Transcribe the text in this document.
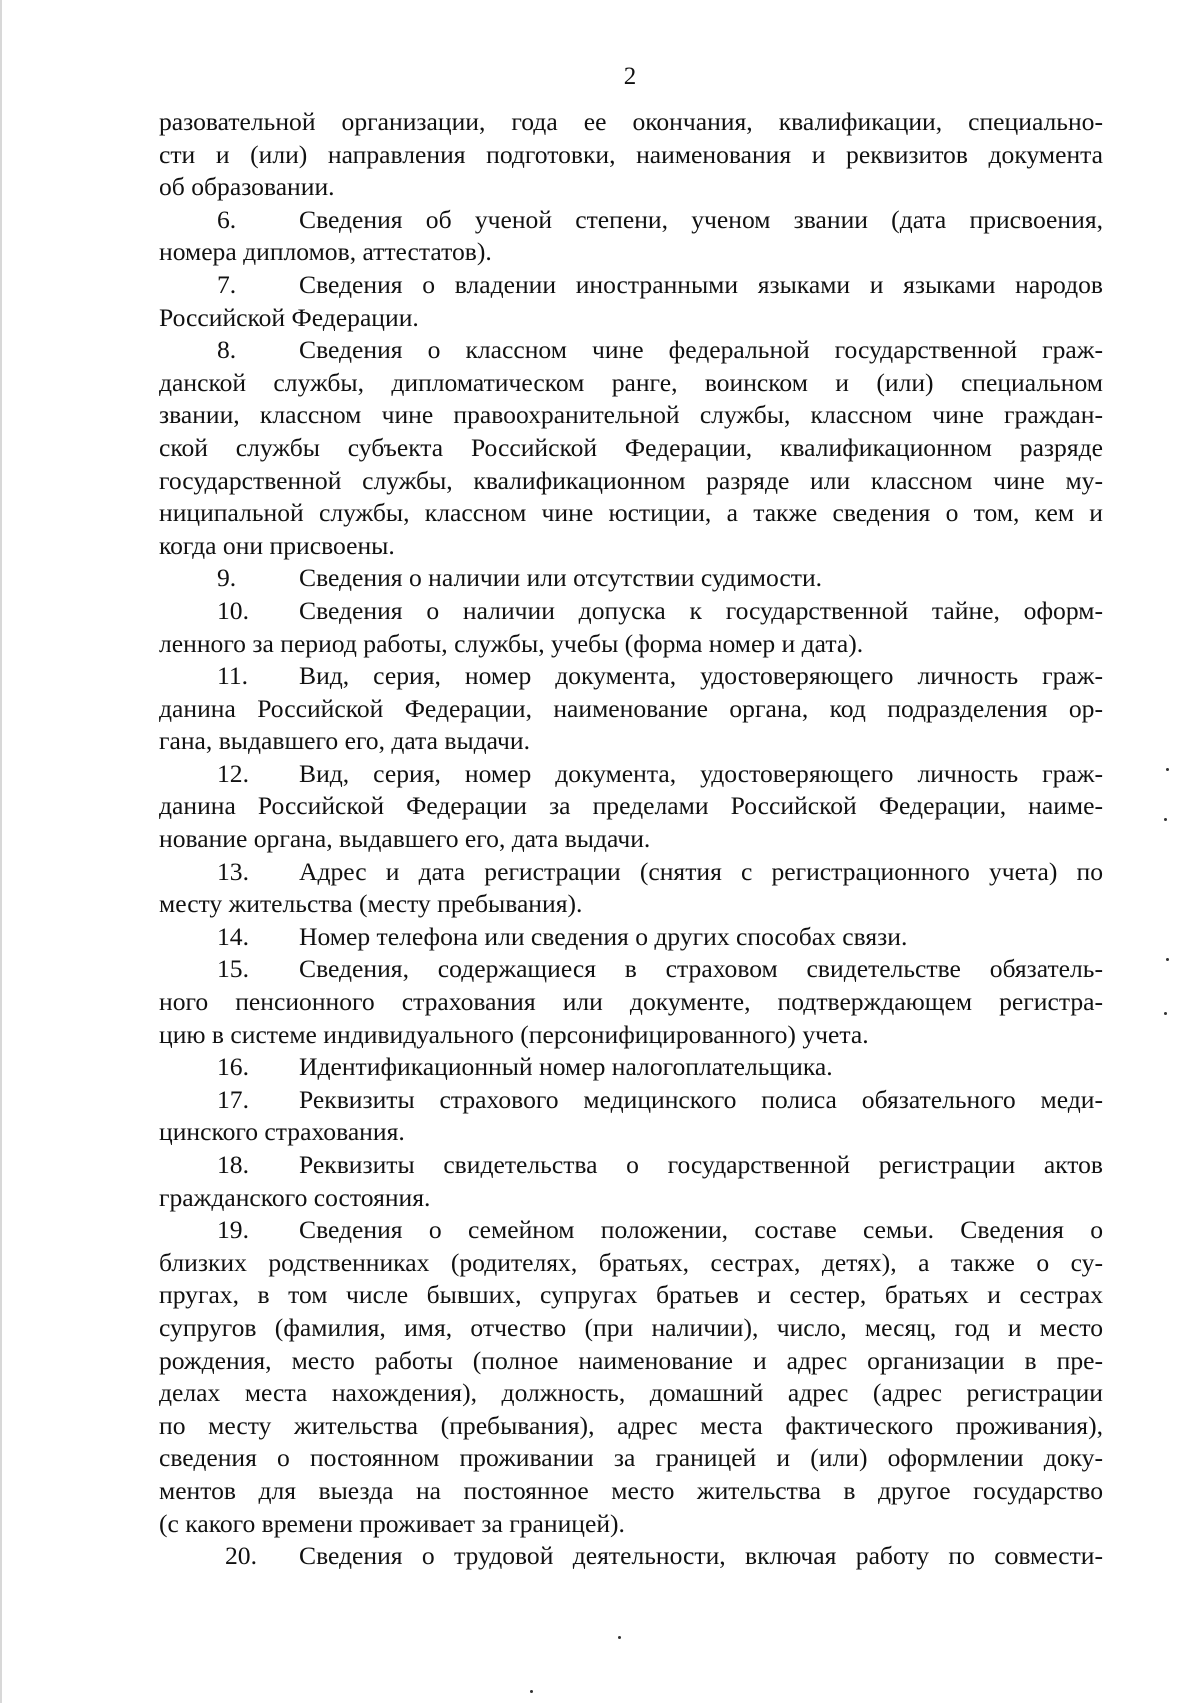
2
разовательной организации, года ее окончания, квалификации, специально-
сти и (или) направления подготовки, наименования и реквизитов документа
об образовании.
6. Сведения об ученой степени, ученом звании (дата присвоения,
номера дипломов, аттестатов).
7. Сведения о владении иностранными языками и языками народов
Российской Федерации.
8. Сведения о классном чине федеральной государственной граж-
данской службы, дипломатическом ранге, воинском и (или) специальном
звании, классном чине правоохранительной службы, классном чине граждан-
ской службы субъекта Российской Федерации, квалификационном разряде
государственной службы, квалификационном разряде или классном чине му-
ниципальной службы, классном чине юстиции, а также сведения о том, кем и
когда они присвоены.
9. Сведения о наличии или отсутствии судимости.
10. Сведения о наличии допуска к государственной тайне, оформ-
ленного за период работы, службы, учебы (форма номер и дата).
11. Вид, серия, номер документа, удостоверяющего личность граж-
данина Российской Федерации, наименование органа, код подразделения ор-
гана, выдавшего его, дата выдачи.
12. Вид, серия, номер документа, удостоверяющего личность граж-
данина Российской Федерации за пределами Российской Федерации, наиме-
нование органа, выдавшего его, дата выдачи.
13. Адрес и дата регистрации (снятия с регистрационного учета) по
месту жительства (месту пребывания).
14. Номер телефона или сведения о других способах связи.
15. Сведения, содержащиеся в страховом свидетельстве обязатель-
ного пенсионного страхования или документе, подтверждающем регистра-
цию в системе индивидуального (персонифицированного) учета.
16. Идентификационный номер налогоплательщика.
17. Реквизиты страхового медицинского полиса обязательного меди-
цинского страхования.
18. Реквизиты свидетельства о государственной регистрации актов
гражданского состояния.
19. Сведения о семейном положении, составе семьи. Сведения о
близких родственниках (родителях, братьях, сестрах, детях), а также о су-
пругах, в том числе бывших, супругах братьев и сестер, братьях и сестрах
супругов (фамилия, имя, отчество (при наличии), число, месяц, год и место
рождения, место работы (полное наименование и адрес организации в пре-
делах места нахождения), должность, домашний адрес (адрес регистрации
по месту жительства (пребывания), адрес места фактического проживания),
сведения о постоянном проживании за границей и (или) оформлении доку-
ментов для выезда на постоянное место жительства в другое государство
(с какого времени проживает за границей).
20. Сведения о трудовой деятельности, включая работу по совмести-
